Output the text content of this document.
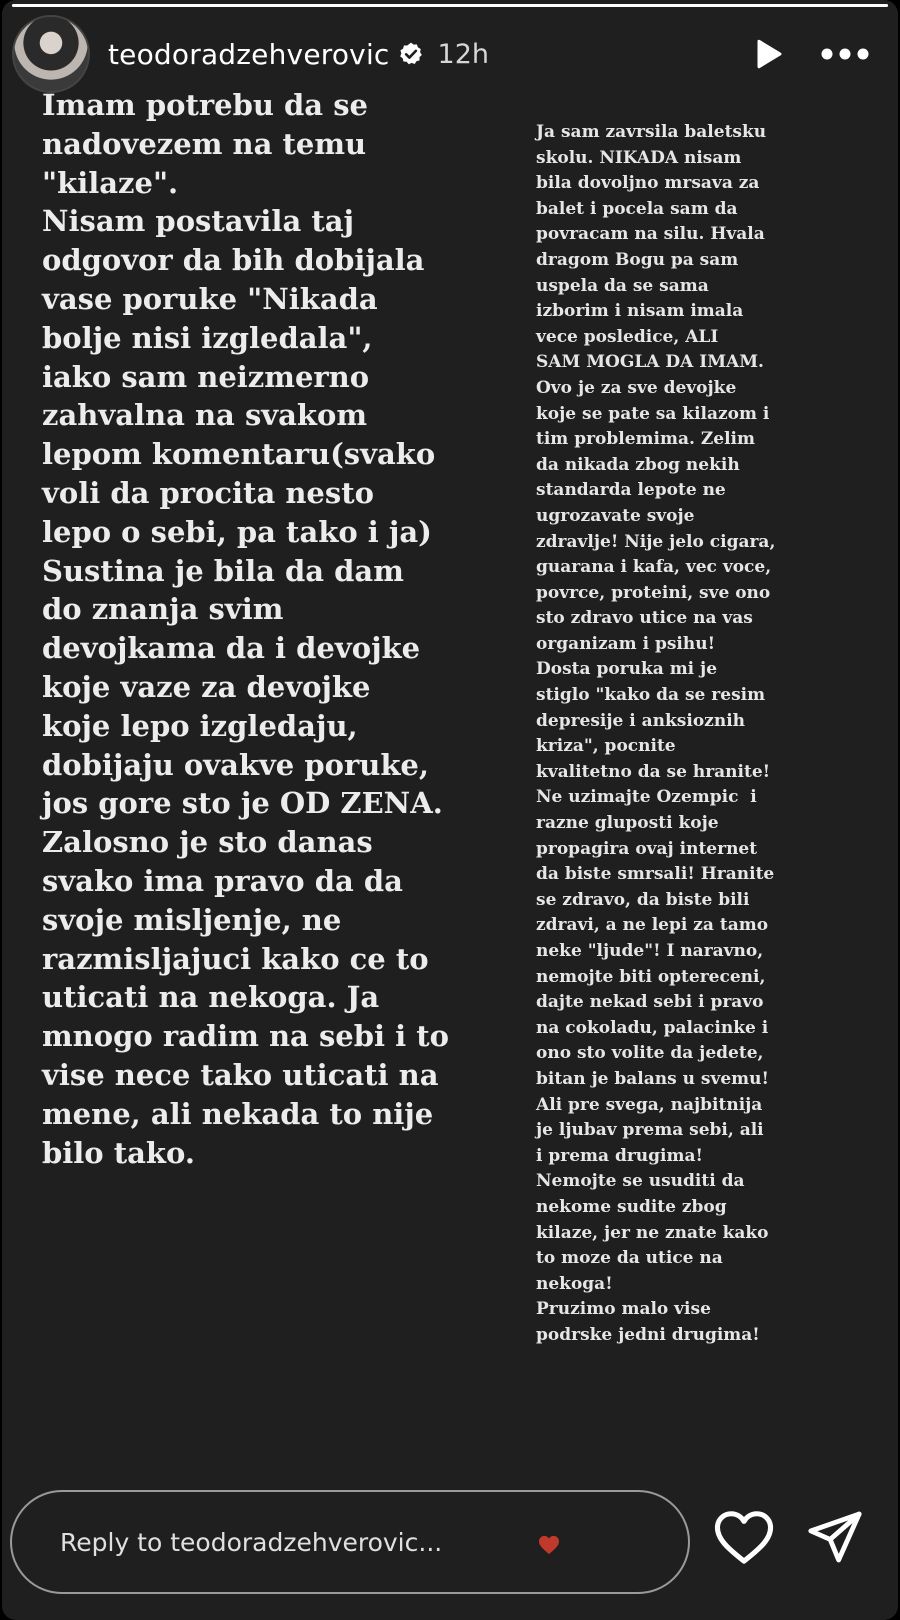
teodoradzehverovic 12h
Imam potrebu da se
nadovezem na temu
"kilaze".
Nisam postavila taj
odgovor da bih dobijala
vase poruke "Nikada
bolje nisi izgledala",
iako sam neizmerno
zahvalna na svakom
lepom komentaru(svako
voli da procita nesto
lepo o sebi, pa tako i ja)
Sustina je bila da dam
do znanja svim
devojkama da i devojke
koje vaze za devojke
koje lepo izgledaju,
dobijaju ovakve poruke,
jos gore sto je OD ZENA.
Zalosno je sto danas
svako ima pravo da da
svoje misljenje, ne
razmisljajuci kako ce to
uticati na nekoga. Ja
mnogo radim na sebi i to
vise nece tako uticati na
mene, ali nekada to nije
bilo tako.
Ja sam zavrsila baletsku
skolu. NIKADA nisam
bila dovoljno mrsava za
balet i pocela sam da
povracam na silu. Hvala
dragom Bogu pa sam
uspela da se sama
izborim i nisam imala
vece posledice, ALI
SAM MOGLA DA IMAM.
Ovo je za sve devojke
koje se pate sa kilazom i
tim problemima. Zelim
da nikada zbog nekih
standarda lepote ne
ugrozavate svoje
zdravlje! Nije jelo cigara,
guarana i kafa, vec voce,
povrce, proteini, sve ono
sto zdravo utice na vas
organizam i psihu!
Dosta poruka mi je
stiglo "kako da se resim
depresije i anksioznih
kriza", pocnite
kvalitetno da se hranite!
Ne uzimajte Ozempic  i
razne gluposti koje
propagira ovaj internet
da biste smrsali! Hranite
se zdravo, da biste bili
zdravi, a ne lepi za tamo
neke "ljude"! I naravno,
nemojte biti optereceni,
dajte nekad sebi i pravo
na cokoladu, palacinke i
ono sto volite da jedete,
bitan je balans u svemu!
Ali pre svega, najbitnija
je ljubav prema sebi, ali
i prema drugima!
Nemojte se usuditi da
nekome sudite zbog
kilaze, jer ne znate kako
to moze da utice na
nekoga!
Pruzimo malo vise
podrske jedni drugima!
Reply to teodoradzehverovic...
